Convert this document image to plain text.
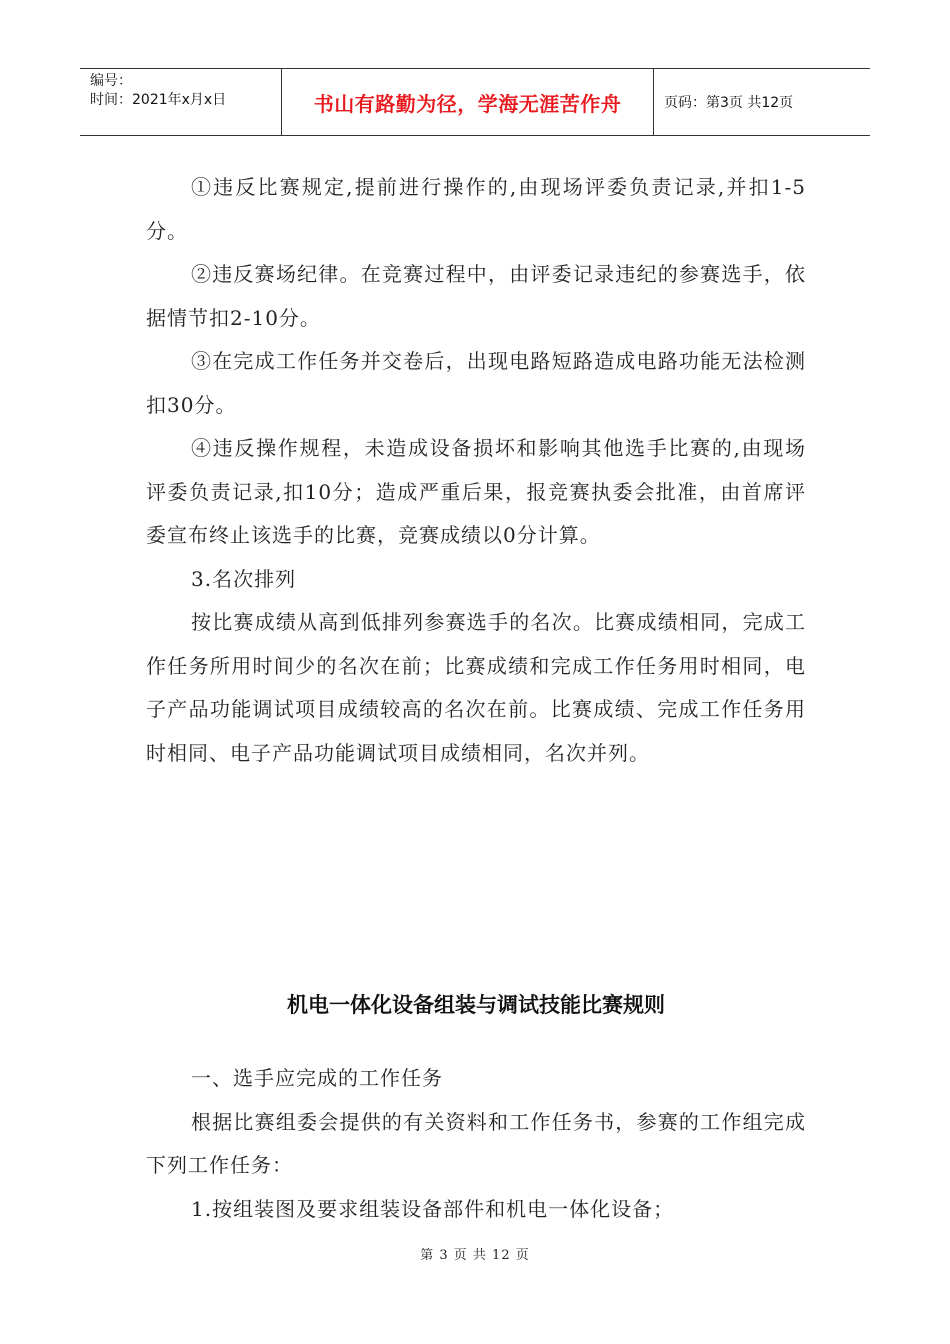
编号：
时间：2021年x月x日	书山有路勤为径，学海无涯苦作舟	页码：第3页 共12页

①违反比赛规定,提前进行操作的,由现场评委负责记录,并扣1-5分。

②违反赛场纪律。在竞赛过程中，由评委记录违纪的参赛选手，依据情节扣2-10分。

③在完成工作任务并交卷后，出现电路短路造成电路功能无法检测扣30分。

④违反操作规程，未造成设备损坏和影响其他选手比赛的,由现场评委负责记录,扣10分；造成严重后果，报竞赛执委会批准，由首席评委宣布终止该选手的比赛，竞赛成绩以0分计算。

3.名次排列

按比赛成绩从高到低排列参赛选手的名次。比赛成绩相同，完成工作任务所用时间少的名次在前；比赛成绩和完成工作任务用时相同，电子产品功能调试项目成绩较高的名次在前。比赛成绩、完成工作任务用时相同、电子产品功能调试项目成绩相同，名次并列。

机电一体化设备组装与调试技能比赛规则

一、选手应完成的工作任务

根据比赛组委会提供的有关资料和工作任务书，参赛的工作组完成下列工作任务：

1.按组装图及要求组装设备部件和机电一体化设备；

第 3 页 共 12 页
